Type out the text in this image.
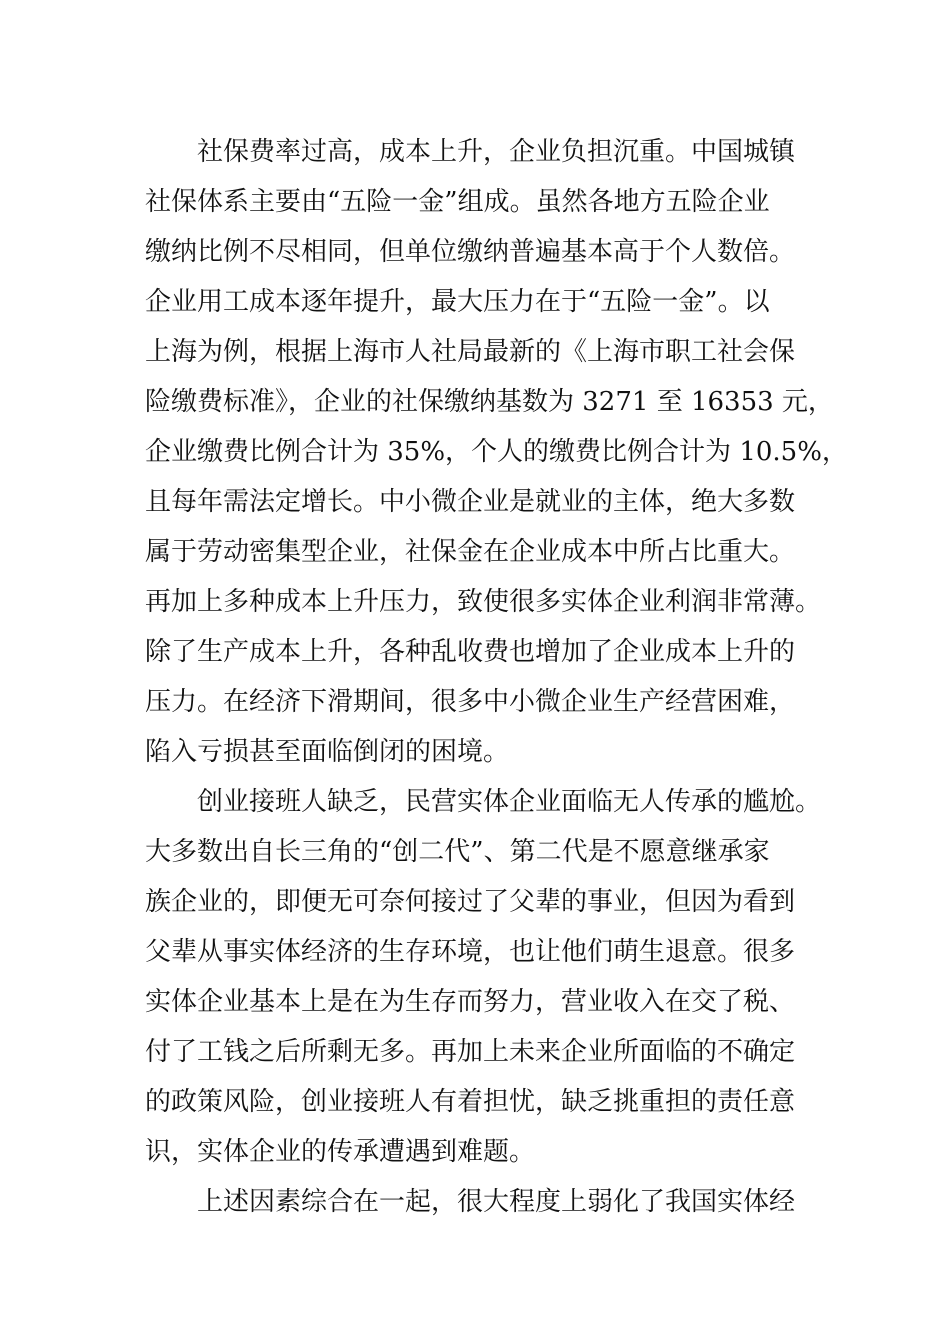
社保费率过高，成本上升，企业负担沉重。中国城镇
社保体系主要由“五险一金”组成。虽然各地方五险企业
缴纳比例不尽相同，但单位缴纳普遍基本高于个人数倍。
企业用工成本逐年提升，最大压力在于“五险一金”。以
上海为例，根据上海市人社局最新的《上海市职工社会保
险缴费标准》，企业的社保缴纳基数为 3271 至 16353 元，
企业缴费比例合计为 35%，个人的缴费比例合计为 10.5%，
且每年需法定增长。中小微企业是就业的主体，绝大多数
属于劳动密集型企业，社保金在企业成本中所占比重大。
再加上多种成本上升压力，致使很多实体企业利润非常薄。
除了生产成本上升，各种乱收费也增加了企业成本上升的
压力。在经济下滑期间，很多中小微企业生产经营困难，
陷入亏损甚至面临倒闭的困境。
创业接班人缺乏，民营实体企业面临无人传承的尴尬。
大多数出自长三角的“创二代”、第二代是不愿意继承家
族企业的，即便无可奈何接过了父辈的事业，但因为看到
父辈从事实体经济的生存环境，也让他们萌生退意。很多
实体企业基本上是在为生存而努力，营业收入在交了税、
付了工钱之后所剩无多。再加上未来企业所面临的不确定
的政策风险，创业接班人有着担忧，缺乏挑重担的责任意
识，实体企业的传承遭遇到难题。
上述因素综合在一起，很大程度上弱化了我国实体经
